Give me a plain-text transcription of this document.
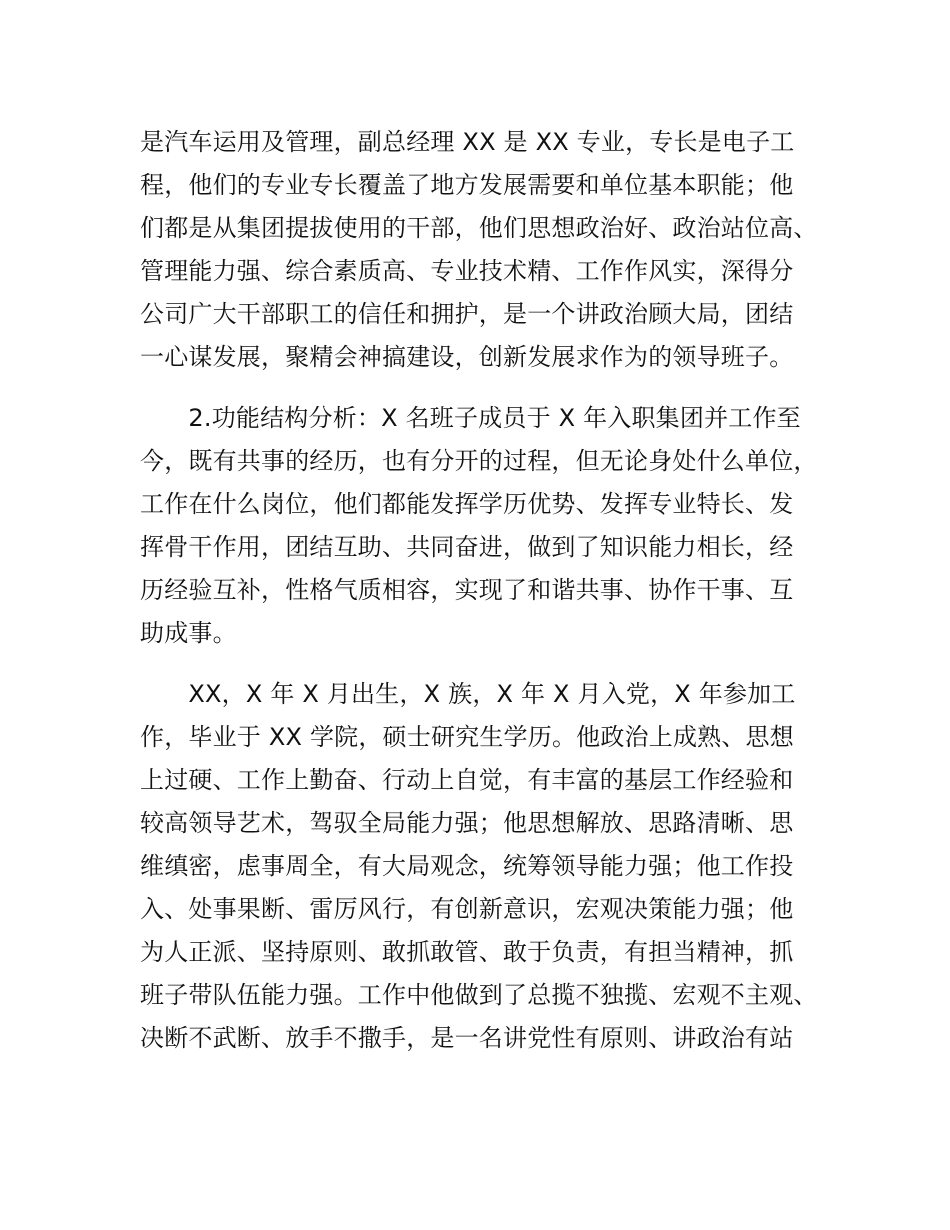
是汽车运用及管理，副总经理 XX 是 XX 专业，专长是电子工
程，他们的专业专长覆盖了地方发展需要和单位基本职能；他
们都是从集团提拔使用的干部，他们思想政治好、政治站位高、
管理能力强、综合素质高、专业技术精、工作作风实，深得分
公司广大干部职工的信任和拥护，是一个讲政治顾大局，团结
一心谋发展，聚精会神搞建设，创新发展求作为的领导班子。
　　2.功能结构分析：X 名班子成员于 X 年入职集团并工作至
今，既有共事的经历，也有分开的过程，但无论身处什么单位，
工作在什么岗位，他们都能发挥学历优势、发挥专业特长、发
挥骨干作用，团结互助、共同奋进，做到了知识能力相长，经
历经验互补，性格气质相容，实现了和谐共事、协作干事、互
助成事。
　　XX，X 年 X 月出生，X 族，X 年 X 月入党，X 年参加工
作，毕业于 XX 学院，硕士研究生学历。他政治上成熟、思想
上过硬、工作上勤奋、行动上自觉，有丰富的基层工作经验和
较高领导艺术，驾驭全局能力强；他思想解放、思路清晰、思
维缜密，虑事周全，有大局观念，统筹领导能力强；他工作投
入、处事果断、雷厉风行，有创新意识，宏观决策能力强；他
为人正派、坚持原则、敢抓敢管、敢于负责，有担当精神，抓
班子带队伍能力强。工作中他做到了总揽不独揽、宏观不主观、
决断不武断、放手不撒手，是一名讲党性有原则、讲政治有站
